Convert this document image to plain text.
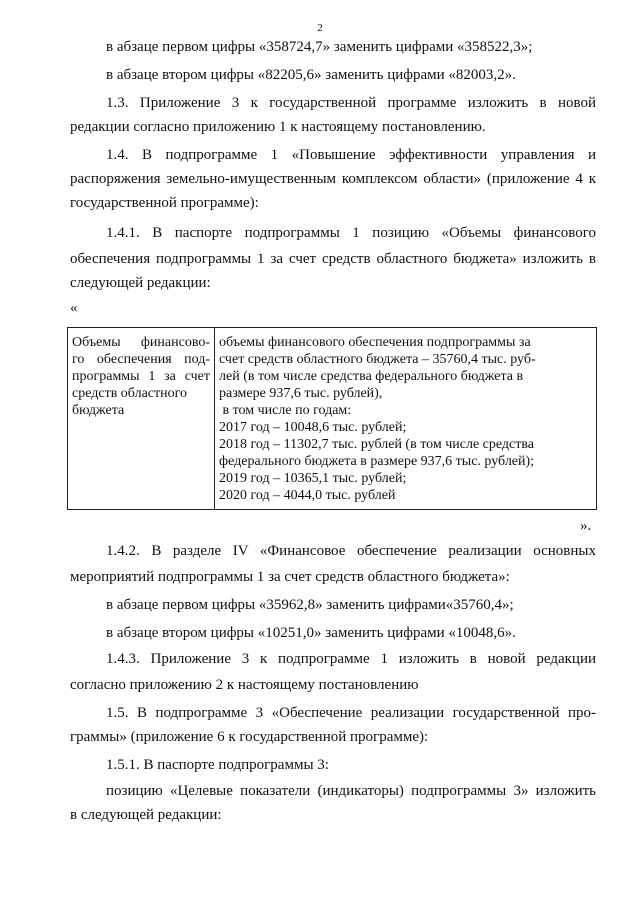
2
в абзаце первом цифры «358724,7» заменить цифрами «358522,3»;
в абзаце втором цифры «82205,6» заменить цифрами «82003,2».
1.3. Приложение 3 к государственной программе изложить в новой
редакции согласно приложению 1 к настоящему постановлению.
1.4. В подпрограмме 1 «Повышение эффективности управления и
распоряжения земельно-имущественным комплексом области» (приложение 4 к
государственной программе):
1.4.1. В паспорте подпрограммы 1 позицию «Объемы финансового
обеспечения подпрограммы 1 за счет средств областного бюджета» изложить в
следующей редакции:
«
Объемы финансово-
го обеспечения под-
программы 1 за счет
средств областного
бюджета

объемы финансового обеспечения подпрограммы за
счет средств областного бюджета – 35760,4 тыс. руб-
лей (в том числе средства федерального бюджета в
размере 937,6 тыс. рублей),
в том числе по годам:
2017 год – 10048,6 тыс. рублей;
2018 год – 11302,7 тыс. рублей (в том числе средства
федерального бюджета в размере 937,6 тыс. рублей);
2019 год – 10365,1 тыс. рублей;
2020 год – 4044,0 тыс. рублей
».
1.4.2. В разделе IV «Финансовое обеспечение реализации основных
мероприятий подпрограммы 1 за счет средств областного бюджета»:
в абзаце первом цифры «35962,8» заменить цифрами«35760,4»;
в абзаце втором цифры «10251,0» заменить цифрами «10048,6».
1.4.3. Приложение 3 к подпрограмме 1 изложить в новой редакции
согласно приложению 2 к настоящему постановлению
1.5. В подпрограмме 3 «Обеспечение реализации государственной про-
граммы» (приложение 6 к государственной программе):
1.5.1. В паспорте подпрограммы 3:
позицию «Целевые показатели (индикаторы) подпрограммы 3» изложить
в следующей редакции:
